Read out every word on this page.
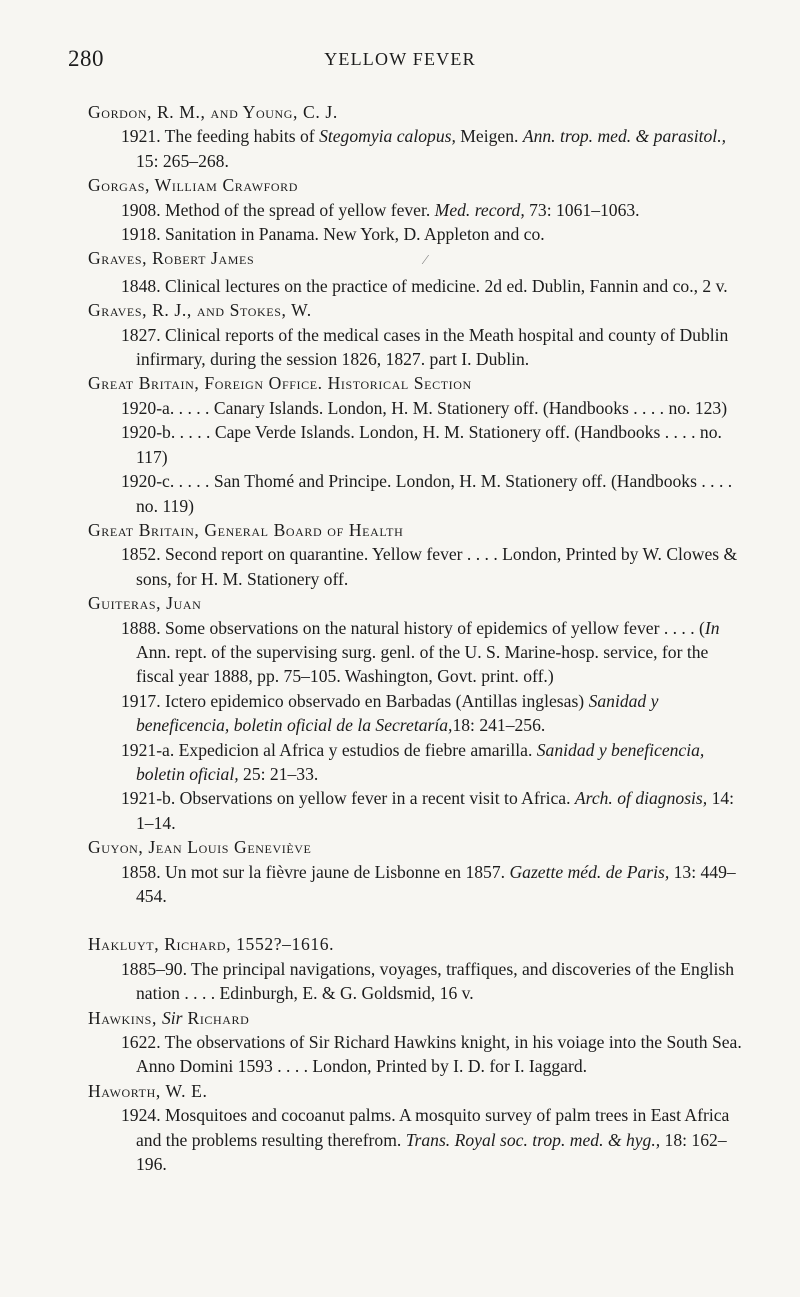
280	YELLOW FEVER
Gordon, R. M., and Young, C. J.
1921. The feeding habits of Stegomyia calopus, Meigen. Ann. trop. med. & parasitol., 15: 265–268.
Gorgas, William Crawford
1908. Method of the spread of yellow fever. Med. record, 73: 1061–1063.
1918. Sanitation in Panama. New York, D. Appleton and co.
Graves, Robert James	⁄
1848. Clinical lectures on the practice of medicine. 2d ed. Dublin, Fannin and co., 2 v.
Graves, R. J., and Stokes, W.
1827. Clinical reports of the medical cases in the Meath hospital and county of Dublin infirmary, during the session 1826, 1827. part I. Dublin.
Great Britain, Foreign Office. Historical Section
1920-a. . . . . Canary Islands. London, H. M. Stationery off. (Handbooks . . . . no. 123)
1920-b. . . . . Cape Verde Islands. London, H. M. Stationery off. (Handbooks . . . . no. 117)
1920-c. . . . . San Thomé and Principe. London, H. M. Stationery off. (Handbooks . . . . no. 119)
Great Britain, General Board of Health
1852. Second report on quarantine. Yellow fever . . . . London, Printed by W. Clowes & sons, for H. M. Stationery off.
Guiteras, Juan
1888. Some observations on the natural history of epidemics of yellow fever . . . . (In Ann. rept. of the supervising surg. genl. of the U. S. Marine-hosp. service, for the fiscal year 1888, pp. 75–105. Washington, Govt. print. off.)
1917. Ictero epidemico observado en Barbadas (Antillas inglesas) Sanidad y beneficencia, boletin oficial de la Secretaría,18: 241–256.
1921-a. Expedicion al Africa y estudios de fiebre amarilla. Sanidad y beneficencia, boletin oficial, 25: 21–33.
1921-b. Observations on yellow fever in a recent visit to Africa. Arch. of diagnosis, 14: 1–14.
Guyon, Jean Louis Geneviève
1858. Un mot sur la fièvre jaune de Lisbonne en 1857. Gazette méd. de Paris, 13: 449–454.
Hakluyt, Richard, 1552?–1616.
1885–90. The principal navigations, voyages, traffiques, and discoveries of the English nation . . . . Edinburgh, E. & G. Goldsmid, 16 v.
Hawkins, Sir Richard
1622. The observations of Sir Richard Hawkins knight, in his voiage into the South Sea. Anno Domini 1593 . . . . London, Printed by I. D. for I. Iaggard.
Haworth, W. E.
1924. Mosquitoes and cocoanut palms. A mosquito survey of palm trees in East Africa and the problems resulting therefrom. Trans. Royal soc. trop. med. & hyg., 18: 162–196.
